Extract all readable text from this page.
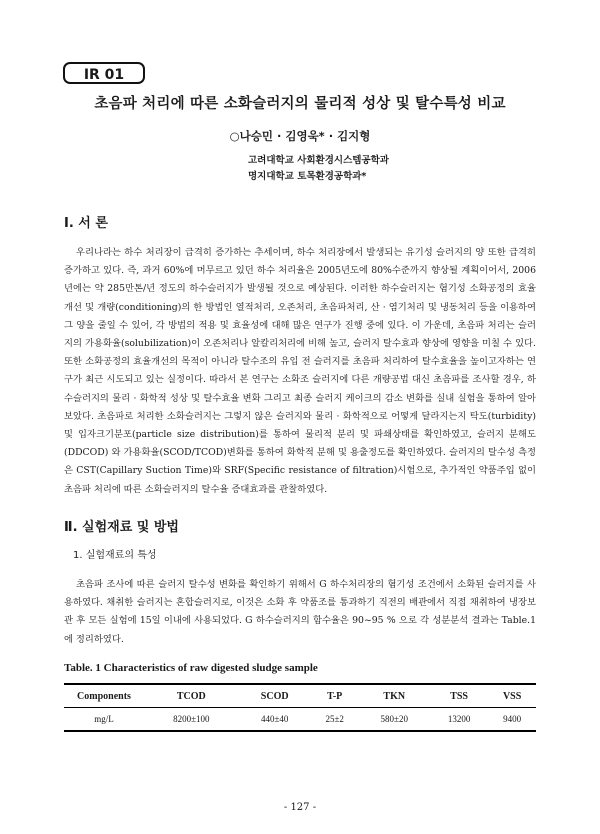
IR 01
초음파 처리에 따른 소화슬러지의 물리적 성상 및 탈수특성 비교
○나승민 · 김영욱* · 김지형
고려대학교 사회환경시스템공학과
명지대학교 토목환경공학과*
Ⅰ. 서 론

우리나라는 하수 처리장이 급격히 증가하는 추세이며, 하수 처리장에서 발생되는 유기성 슬러지의 양 또한 급격히 증가하고 있다. 즉, 과거 60%에 머무르고 있던 하수 처리율은 2005년도에 80%수준까지 향상될 계획이어서, 2006년에는 약 285만톤/년 정도의 하수슬러지가 발생될 것으로 예상된다. 이러한 하수슬러지는 혐기성 소화공정의 효율개선 및 개량(conditioning)의 한 방법인 열적처리, 오존처리, 초음파처리, 산 · 염기처리 및 냉동처리 등을 이용하여 그 양을 줄일 수 있어, 각 방법의 적용 및 효율성에 대해 많은 연구가 진행 중에 있다. 이 가운데, 초음파 처리는 슬러지의 가용화율(solubilization)이 오존처리나 알칼리처리에 비해 높고, 슬러지 탈수효과 향상에 영향을 미칠 수 있다. 또한 소화공정의 효율개선의 목적이 아니라 탈수조의 유입 전 슬러지를 초음파 처리하여 탈수효율을 높이고자하는 연구가 최근 시도되고 있는 실정이다. 따라서 본 연구는 소화조 슬러지에 다른 개량공법 대신 초음파를 조사할 경우, 하수슬러지의 물리 · 화학적 성상 및 탈수효율 변화 그리고 최종 슬러지 케이크의 감소 변화를 실내 실험을 통하여 알아보았다. 초음파로 처리한 소화슬러지는 그렇지 않은 슬러지와 물리 · 화학적으로 어떻게 달라지는지 탁도(turbidity) 및 입자크기분포(particle size distribution)를 통하여 물리적 분리 및 파쇄상태를 확인하였고, 슬러지 분해도(DDCOD) 와 가용화율(SCOD/TCOD)변화를 통하여 화학적 분해 및 용출정도를 확인하였다. 슬러지의 탈수성 측정은 CST(Capillary Suction Time)와 SRF(Specific resistance of filtration)시험으로, 추가적인 약품주입 없이 초음파 처리에 따른 소화슬러지의 탈수율 증대효과를 관찰하였다.

Ⅱ. 실험재료 및 방법
1. 실험재료의 특성

초음파 조사에 따른 슬러지 탈수성 변화를 확인하기 위해서 G 하수처리장의 혐기성 조건에서 소화된 슬러지를 사용하였다. 채취한 슬러지는 혼합슬러지로, 이것은 소화 후 약품조를 통과하기 직전의 배관에서 직접 채취하여 냉장보관 후 모든 실험에 15일 이내에 사용되었다. G 하수슬러지의 함수율은 90~95 % 으로 각 성분분석 결과는 Table.1에 정리하였다.

Table. 1 Characteristics of raw digested sludge sample
Components	TCOD	SCOD	T-P	TKN	TSS	VSS
mg/L	8200±100	440±40	25±2	580±20	13200	9400
- 127 -
